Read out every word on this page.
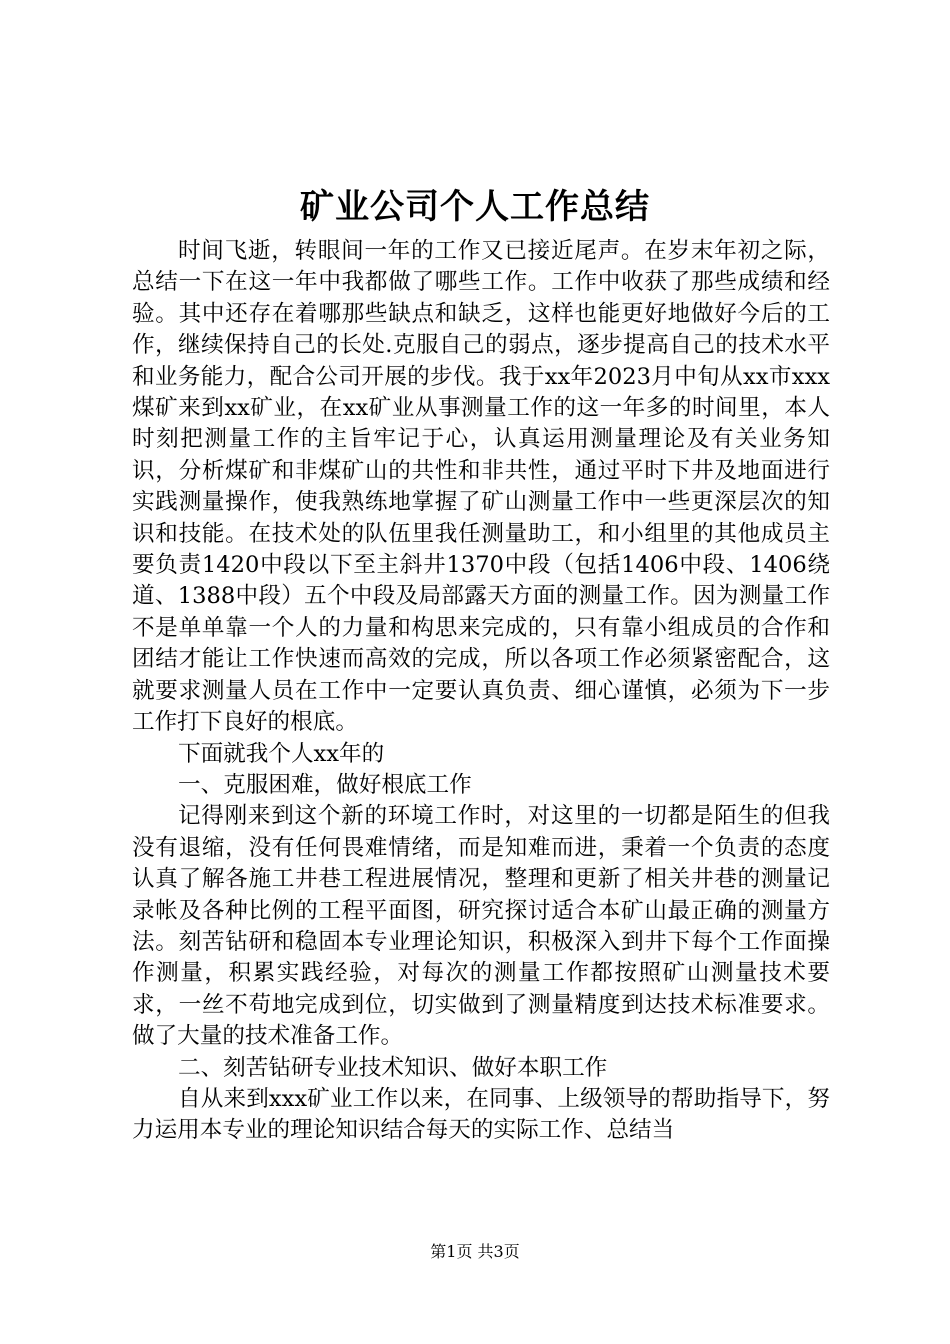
矿业公司个人工作总结

时间飞逝，转眼间一年的工作又已接近尾声。在岁末年初之际，总结一下在这一年中我都做了哪些工作。工作中收获了那些成绩和经验。其中还存在着哪那些缺点和缺乏，这样也能更好地做好今后的工作，继续保持自己的长处.克服自己的弱点，逐步提高自己的技术水平和业务能力，配合公司开展的步伐。我于xx年2023月中旬从xx市xxx煤矿来到xx矿业，在xx矿业从事测量工作的这一年多的时间里，本人时刻把测量工作的主旨牢记于心，认真运用测量理论及有关业务知识，分析煤矿和非煤矿山的共性和非共性，通过平时下井及地面进行实践测量操作，使我熟练地掌握了矿山测量工作中一些更深层次的知识和技能。在技术处的队伍里我任测量助工，和小组里的其他成员主要负责1420中段以下至主斜井1370中段（包括1406中段、1406绕道、1388中段）五个中段及局部露天方面的测量工作。因为测量工作不是单单靠一个人的力量和构思来完成的，只有靠小组成员的合作和团结才能让工作快速而高效的完成，所以各项工作必须紧密配合，这就要求测量人员在工作中一定要认真负责、细心谨慎，必须为下一步工作打下良好的根底。

下面就我个人xx年的

一、克服困难，做好根底工作

记得刚来到这个新的环境工作时，对这里的一切都是陌生的但我没有退缩，没有任何畏难情绪，而是知难而进，秉着一个负责的态度认真了解各施工井巷工程进展情况，整理和更新了相关井巷的测量记录帐及各种比例的工程平面图，研究探讨适合本矿山最正确的测量方法。刻苦钻研和稳固本专业理论知识，积极深入到井下每个工作面操作测量，积累实践经验，对每次的测量工作都按照矿山测量技术要求，一丝不苟地完成到位，切实做到了测量精度到达技术标准要求。做了大量的技术准备工作。

二、刻苦钻研专业技术知识、做好本职工作

自从来到xxx矿业工作以来，在同事、上级领导的帮助指导下，努力运用本专业的理论知识结合每天的实际工作、总结当

第1页 共3页
